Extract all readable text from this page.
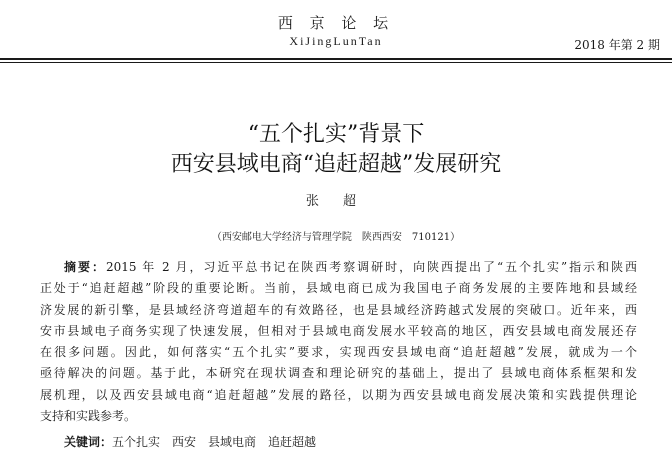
西 京 论 坛
XiJingLunTan	2018 年第 2 期
“五个扎实”背景下
西安县域电商“追赶超越”发展研究
张 超
（西安邮电大学经济与管理学院　陕西西安　710121）
摘要：2015 年 2 月，习近平总书记在陕西考察调研时，向陕西提出了“五个扎实”指示和陕西
正处于“追赶超越”阶段的重要论断。当前，县域电商已成为我国电子商务发展的主要阵地和县域经
济发展的新引擎，是县域经济弯道超车的有效路径，也是县域经济跨越式发展的突破口。近年来，西
安市县域电子商务实现了快速发展，但相对于县域电商发展水平较高的地区，西安县域电商发展还存
在很多问题。因此，如何落实“五个扎实”要求，实现西安县域电商“追赶超越”发展，就成为一个
亟待解决的问题。基于此，本研究在现状调查和理论研究的基础上，提出了 县域电商体系框架和发
展机理，以及西安县域电商“追赶超越”发展的路径，以期为西安县域电商发展决策和实践提供理论
支持和实践参考。
关键词：五个扎实　西安　县域电商　追赶超越
